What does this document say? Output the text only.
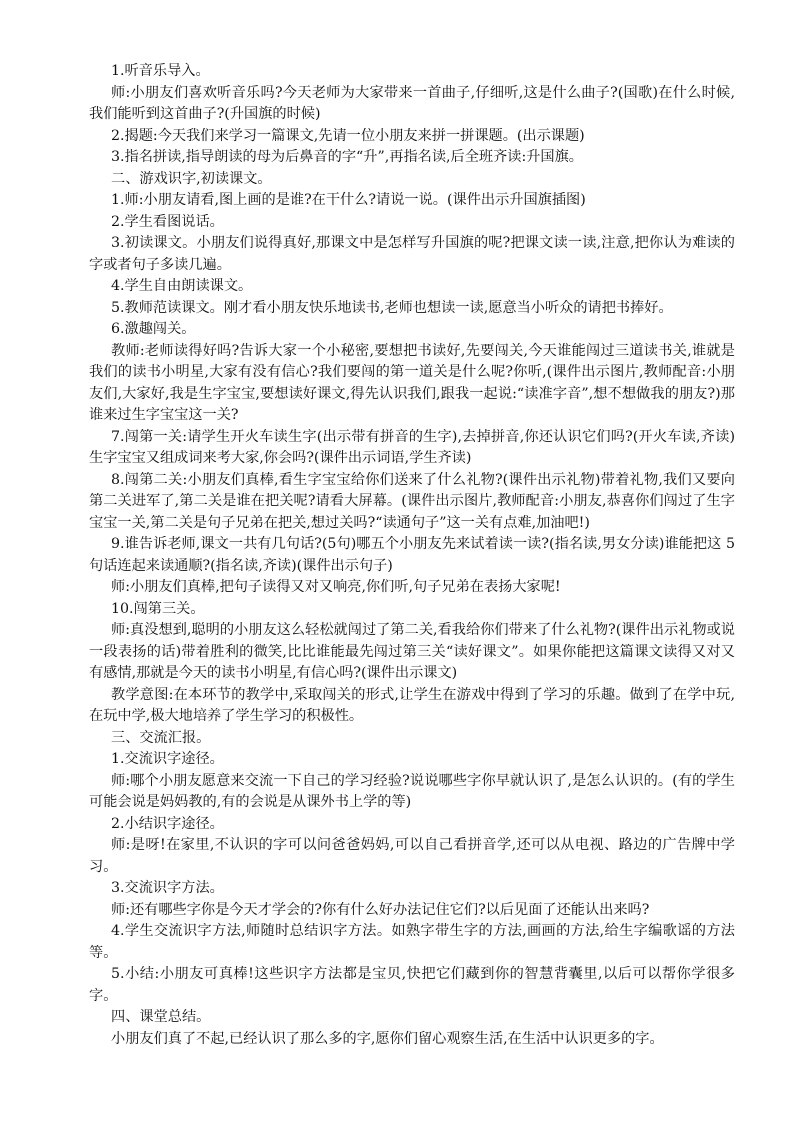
1.听音乐导入。

师:小朋友们喜欢听音乐吗?今天老师为大家带来一首曲子,仔细听,这是什么曲子?(国歌)在什么时候,我们能听到这首曲子?(升国旗的时候)

2.揭题:今天我们来学习一篇课文,先请一位小朋友来拼一拼课题。(出示课题)

3.指名拼读,指导朗读的母为后鼻音的字“升”,再指名读,后全班齐读:升国旗。

二、游戏识字,初读课文。

1.师:小朋友请看,图上画的是谁?在干什么?请说一说。(课件出示升国旗插图)

2.学生看图说话。

3.初读课文。小朋友们说得真好,那课文中是怎样写升国旗的呢?把课文读一读,注意,把你认为难读的字或者句子多读几遍。

4.学生自由朗读课文。

5.教师范读课文。刚才看小朋友快乐地读书,老师也想读一读,愿意当小听众的请把书捧好。

6.激趣闯关。

教师:老师读得好吗?告诉大家一个小秘密,要想把书读好,先要闯关,今天谁能闯过三道读书关,谁就是我们的读书小明星,大家有没有信心?我们要闯的第一道关是什么呢?你听,(课件出示图片,教师配音:小朋友们,大家好,我是生字宝宝,要想读好课文,得先认识我们,跟我一起说:“读准字音”,想不想做我的朋友?)那谁来过生字宝宝这一关?

7.闯第一关:请学生开火车读生字(出示带有拼音的生字),去掉拼音,你还认识它们吗?(开火车读,齐读)生字宝宝又组成词来考大家,你会吗?(课件出示词语,学生齐读)

8.闯第二关:小朋友们真棒,看生字宝宝给你们送来了什么礼物?(课件出示礼物)带着礼物,我们又要向第二关进军了,第二关是谁在把关呢?请看大屏幕。(课件出示图片,教师配音:小朋友,恭喜你们闯过了生字宝宝一关,第二关是句子兄弟在把关,想过关吗?“读通句子”这一关有点难,加油吧!)

9.谁告诉老师,课文一共有几句话?(5句)哪五个小朋友先来试着读一读?(指名读,男女分读)谁能把这 5 句话连起来读通顺?(指名读,齐读)(课件出示句子)

师:小朋友们真棒,把句子读得又对又响亮,你们听,句子兄弟在表扬大家呢!

10.闯第三关。

师:真没想到,聪明的小朋友这么轻松就闯过了第二关,看我给你们带来了什么礼物?(课件出示礼物或说一段表扬的话)带着胜利的微笑,比比谁能最先闯过第三关“读好课文”。如果你能把这篇课文读得又对又有感情,那就是今天的读书小明星,有信心吗?(课件出示课文)

教学意图:在本环节的教学中,采取闯关的形式,让学生在游戏中得到了学习的乐趣。做到了在学中玩,在玩中学,极大地培养了学生学习的积极性。

三、交流汇报。

1.交流识字途径。

师:哪个小朋友愿意来交流一下自己的学习经验?说说哪些字你早就认识了,是怎么认识的。(有的学生可能会说是妈妈教的,有的会说是从课外书上学的等)

2.小结识字途径。

师:是呀!在家里,不认识的字可以问爸爸妈妈,可以自己看拼音学,还可以从电视、路边的广告牌中学习。

3.交流识字方法。

师:还有哪些字你是今天才学会的?你有什么好办法记住它们?以后见面了还能认出来吗?

4.学生交流识字方法,师随时总结识字方法。如熟字带生字的方法,画画的方法,给生字编歌谣的方法等。

5.小结:小朋友可真棒!这些识字方法都是宝贝,快把它们藏到你的智慧背囊里,以后可以帮你学很多字。

四、课堂总结。

小朋友们真了不起,已经认识了那么多的字,愿你们留心观察生活,在生活中认识更多的字。
